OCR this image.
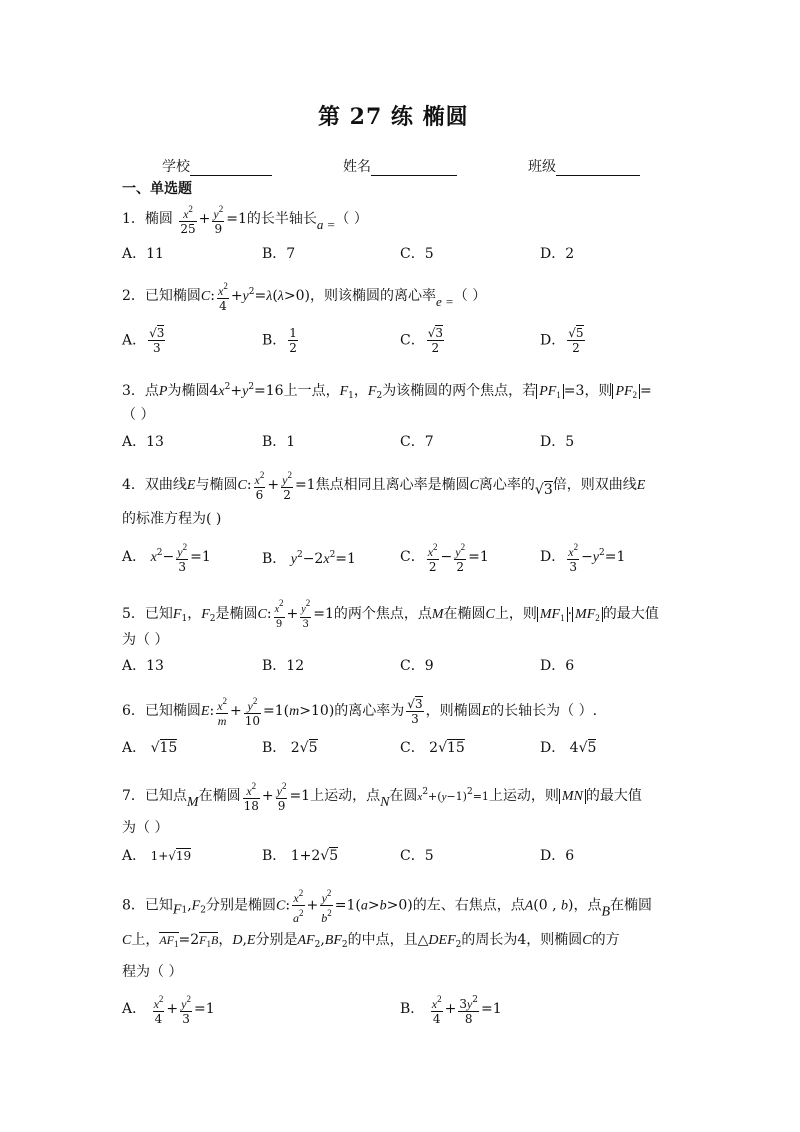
第 27 练 椭圆
学校	姓名	班级
一、单选题
1．椭圆 $\frac{x^2}{25} + \frac{y^2}{9} =1$的长半轴长a =（ ）
A．11	B．7	C．5	D．2
2．已知椭圆C: $\frac{x^2}{4} +y^2=\lambda(\lambda>0)$，则该椭圆的离心率e =（ ）
A． $\frac{√3}{3}$	B． $\frac{1}{2}$	C． $\frac{√3}{2}$	D． $\frac{√5}{2}$
3．点P为椭圆$4x^2+y^2=16$上一点，$F_1$，$F_2$为该椭圆的两个焦点，若 $PF_1 =3$，则 $PF_2$ =
（ ）
A．13	B．1	C．7	D．5
4．双曲线E与椭圆C: $\frac{x^2}{6} + \frac{y^2}{2} =1$焦点相同且离心率是椭圆C离心率的√3倍，则双曲线E
的标准方程为( )
A． $x^2- \frac{y^2}{3} =1$	B． $y^2-2x^2=1$	C． $\frac{x^2}{2} - \frac{y^2}{2} =1$	D． $\frac{x^2}{3} -y^2=1$
5．已知$F_1$，$F_2$是椭圆C: $\frac{x2}{9} + \frac{y2}{3} =1$的两个焦点，点M在椭圆C上，则 $MF_1 \cdot MF_2$ 的最大值
为（ ）
A．13	B．12	C．9	D．6
6．已知椭圆E: $\frac{x^2}{m} + \frac{y^2}{10} =1(m>10)$的离心率为 $\frac{√3}{3}$ ，则椭圆E的长轴长为（ ）.
A． √15	B． 2√5	C． 2√15	D． 4√5
7．已知点M在椭圆 $\frac{x^2}{18} + \frac{y^2}{9} =1$上运动，点N在圆$x^2+(y-1)^2=1$上运动，则 MN 的最大值
为（ ）
A． 1+√19	B． 1+2√5	C．5	D．6
8．已知$F_1,F_2$分别是椭圆C: $\frac{x^2}{a^2} + \frac{y^2}{b^2} =1(a>b>0)$的左、右焦点，点A(0 , b)，点B在椭圆
C上，$AF_1=2F_1B$，D,E分别是$AF_2,BF_2$的中点，且$\triangle DEF_2$的周长为4，则椭圆C的方
程为（ ）
A． $\frac{x^2}{4} + \frac{y^2}{3} =1$	B． $\frac{x^2}{4} + \frac{3y^2}{8} =1$
